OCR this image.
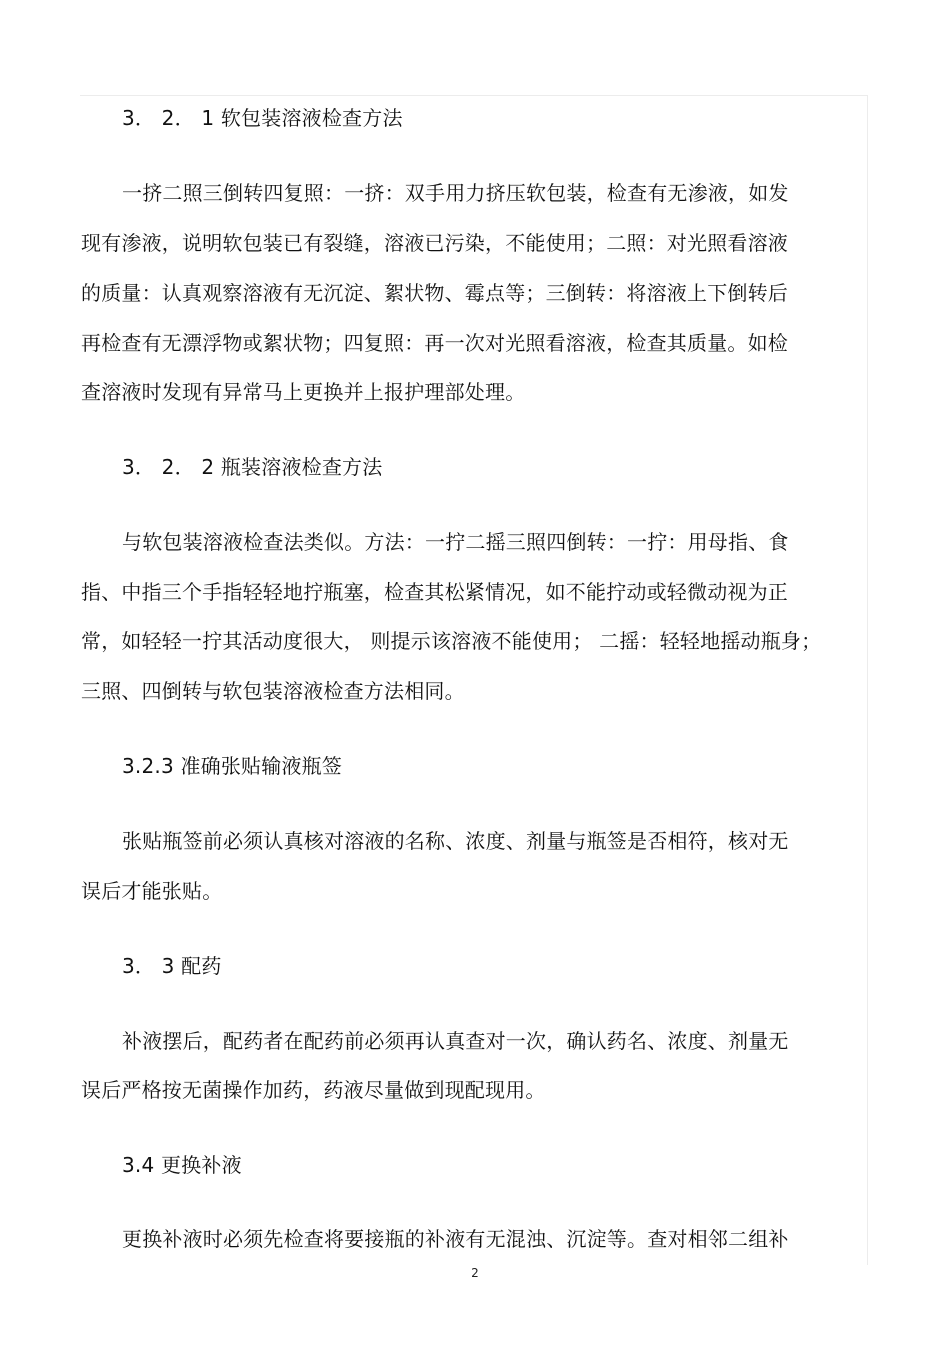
3． 2． 1 软包装溶液检查方法
一挤二照三倒转四复照：一挤：双手用力挤压软包装，检查有无渗液，如发
现有渗液，说明软包装已有裂缝，溶液已污染，不能使用；二照：对光照看溶液
的质量：认真观察溶液有无沉淀、絮状物、霉点等；三倒转：将溶液上下倒转后
再检查有无漂浮物或絮状物；四复照：再一次对光照看溶液，检查其质量。如检
查溶液时发现有异常马上更换并上报护理部处理。
3． 2． 2 瓶装溶液检查方法
与软包装溶液检查法类似。方法：一拧二摇三照四倒转：一拧：用母指、食
指、中指三个手指轻轻地拧瓶塞，检查其松紧情况，如不能拧动或轻微动视为正
常，如轻轻一拧其活动度很大， 则提示该溶液不能使用； 二摇：轻轻地摇动瓶身；
三照、四倒转与软包装溶液检查方法相同。
3.2.3 准确张贴输液瓶签
张贴瓶签前必须认真核对溶液的名称、浓度、剂量与瓶签是否相符，核对无
误后才能张贴。
3． 3 配药
补液摆后，配药者在配药前必须再认真查对一次，确认药名、浓度、剂量无
误后严格按无菌操作加药，药液尽量做到现配现用。
3.4 更换补液
更换补液时必须先检查将要接瓶的补液有无混浊、沉淀等。查对相邻二组补
2
